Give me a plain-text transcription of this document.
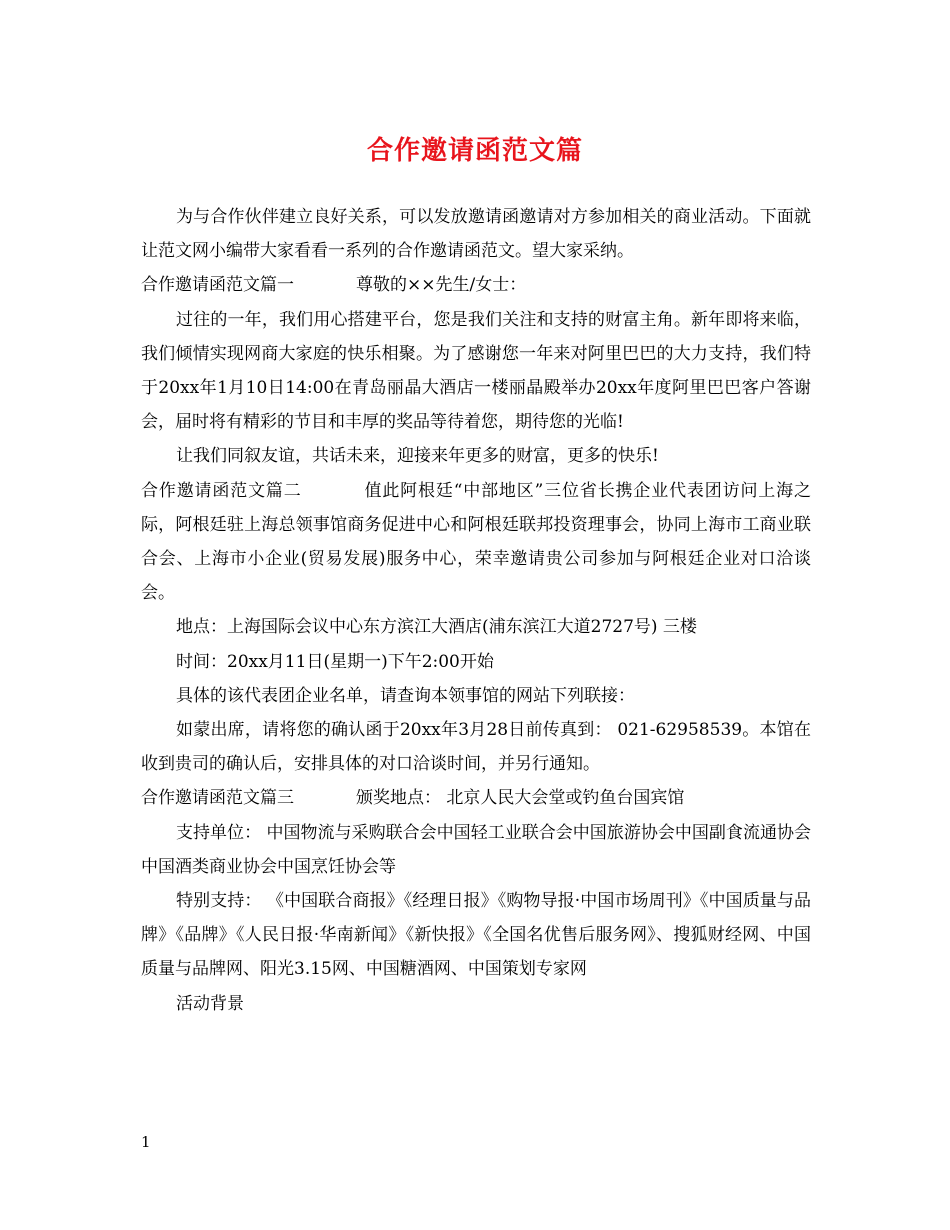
合作邀请函范文篇

为与合作伙伴建立良好关系，可以发放邀请函邀请对方参加相关的商业活动。下面就让范文网小编带大家看看一系列的合作邀请函范文。望大家采纳。

合作邀请函范文篇一	尊敬的××先生/女士：

过往的一年，我们用心搭建平台，您是我们关注和支持的财富主角。新年即将来临，我们倾情实现网商大家庭的快乐相聚。为了感谢您一年来对阿里巴巴的大力支持，我们特于20xx年1月10日14:00在青岛丽晶大酒店一楼丽晶殿举办20xx年度阿里巴巴客户答谢会，届时将有精彩的节目和丰厚的奖品等待着您，期待您的光临!

让我们同叙友谊，共话未来，迎接来年更多的财富，更多的快乐!

合作邀请函范文篇二	值此阿根廷“中部地区”三位省长携企业代表团访问上海之际，阿根廷驻上海总领事馆商务促进中心和阿根廷联邦投资理事会，协同上海市工商业联合会、上海市小企业(贸易发展)服务中心，荣幸邀请贵公司参加与阿根廷企业对口洽谈会。

地点：上海国际会议中心东方滨江大酒店(浦东滨江大道2727号) 三楼

时间：20xx月11日(星期一)下午2:00开始

具体的该代表团企业名单，请查询本领事馆的网站下列联接：

如蒙出席，请将您的确认函于20xx年3月28日前传真到： 021-62958539。本馆在收到贵司的确认后，安排具体的对口洽谈时间，并另行通知。

合作邀请函范文篇三	颁奖地点： 北京人民大会堂或钓鱼台国宾馆

支持单位： 中国物流与采购联合会中国轻工业联合会中国旅游协会中国副食流通协会中国酒类商业协会中国烹饪协会等

特别支持： 《中国联合商报》《经理日报》《购物导报·中国市场周刊》《中国质量与品牌》《品牌》《人民日报·华南新闻》《新快报》《全国名优售后服务网》、搜狐财经网、中国质量与品牌网、阳光3.15网、中国糖酒网、中国策划专家网

活动背景

1
